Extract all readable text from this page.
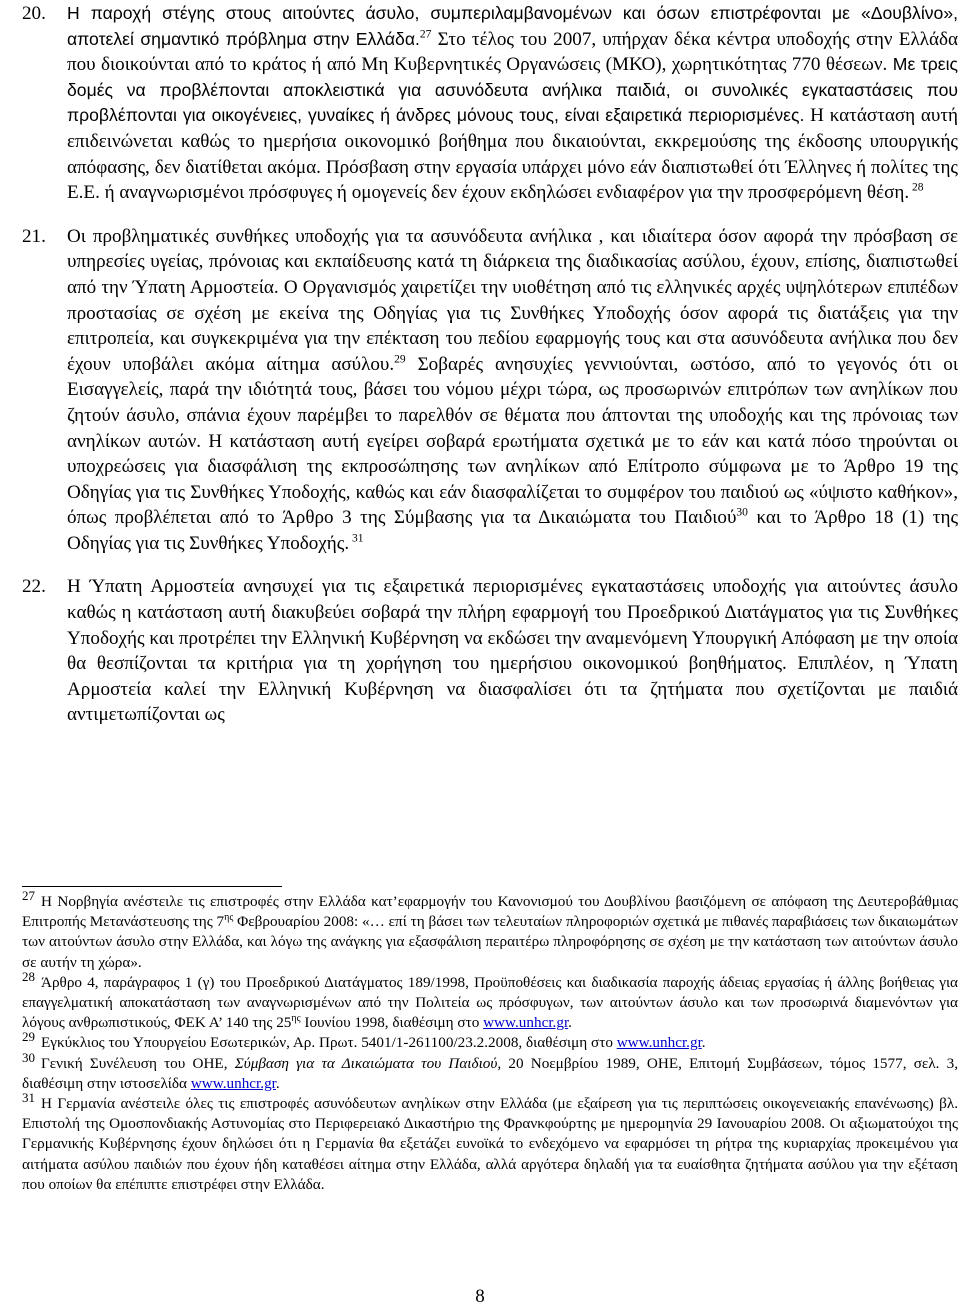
20. Η παροχή στέγης στους αιτούντες άσυλο, συμπεριλαμβανομένων και όσων επιστρέφονται με «Δουβλίνο», αποτελεί σημαντικό πρόβλημα στην Ελλάδα.$^{27}$ Στο τέλος του 2007, υπήρχαν δέκα κέντρα υποδοχής στην Ελλάδα που διοικούνται από το κράτος ή από Μη Κυβερνητικές Οργανώσεις (ΜΚΟ), χωρητικότητας 770 θέσεων. Με τρεις δομές να προβλέπονται αποκλειστικά για ασυνόδευτα ανήλικα παιδιά, οι συνολικές εγκαταστάσεις που προβλέπονται για οικογένειες, γυναίκες ή άνδρες μόνους τους, είναι εξαιρετικά περιορισμένες. Η κατάσταση αυτή επιδεινώνεται καθώς το ημερήσια οικονομικό βοήθημα που δικαιούνται, εκκρεμούσης της έκδοσης υπουργικής απόφασης, δεν διατίθεται ακόμα. Πρόσβαση στην εργασία υπάρχει μόνο εάν διαπιστωθεί ότι Έλληνες ή πολίτες της Ε.Ε. ή αναγνωρισμένοι πρόσφυγες ή ομογενείς δεν έχουν εκδηλώσει ενδιαφέρον για την προσφερόμενη θέση. $^{28}$

21. Οι προβληματικές συνθήκες υποδοχής για τα ασυνόδευτα ανήλικα , και ιδιαίτερα όσον αφορά την πρόσβαση σε υπηρεσίες υγείας, πρόνοιας και εκπαίδευσης κατά τη διάρκεια της διαδικασίας ασύλου, έχουν, επίσης, διαπιστωθεί από την Ύπατη Αρμοστεία. Ο Οργανισμός χαιρετίζει την υιοθέτηση από τις ελληνικές αρχές υψηλότερων επιπέδων προστασίας σε σχέση με εκείνα της Οδηγίας για τις Συνθήκες Υποδοχής όσον αφορά τις διατάξεις για την επιτροπεία, και συγκεκριμένα για την επέκταση του πεδίου εφαρμογής τους και στα ασυνόδευτα ανήλικα που δεν έχουν υποβάλει ακόμα αίτημα ασύλου.$^{29}$ Σοβαρές ανησυχίες γεννιούνται, ωστόσο, από το γεγονός ότι οι Εισαγγελείς, παρά την ιδιότητά τους, βάσει του νόμου μέχρι τώρα, ως προσωρινών επιτρόπων των ανηλίκων που ζητούν άσυλο, σπάνια έχουν παρέμβει το παρελθόν σε θέματα που άπτονται της υποδοχής και της πρόνοιας των ανηλίκων αυτών. Η κατάσταση αυτή εγείρει σοβαρά ερωτήματα σχετικά με το εάν και κατά πόσο τηρούνται οι υποχρεώσεις για διασφάλιση της εκπροσώπησης των ανηλίκων από Επίτροπο σύμφωνα με το Άρθρο 19 της Οδηγίας για τις Συνθήκες Υποδοχής, καθώς και εάν διασφαλίζεται το συμφέρον του παιδιού ως «ύψιστο καθήκον», όπως προβλέπεται από το Άρθρο 3 της Σύμβασης για τα Δικαιώματα του Παιδιού$^{30}$ και το Άρθρο 18 (1) της Οδηγίας για τις Συνθήκες Υποδοχής. $^{31}$

22. Η Ύπατη Αρμοστεία ανησυχεί για τις εξαιρετικά περιορισμένες εγκαταστάσεις υποδοχής για αιτούντες άσυλο καθώς η κατάσταση αυτή διακυβεύει σοβαρά την πλήρη εφαρμογή του Προεδρικού Διατάγματος για τις Συνθήκες Υποδοχής και προτρέπει την Ελληνική Κυβέρνηση να εκδώσει την αναμενόμενη Υπουργική Απόφαση με την οποία θα θεσπίζονται τα κριτήρια για τη χορήγηση του ημερήσιου οικονομικού βοηθήματος. Επιπλέον, η Ύπατη Αρμοστεία καλεί την Ελληνική Κυβέρνηση να διασφαλίσει ότι τα ζητήματα που σχετίζονται με παιδιά αντιμετωπίζονται ως

27 Η Νορβηγία ανέστειλε τις επιστροφές στην Ελλάδα κατ’εφαρμογήν του Κανονισμού του Δουβλίνου βασιζόμενη σε απόφαση της Δευτεροβάθμιας Επιτροπής Μετανάστευσης της $7^{\eta\varsigma}$ Φεβρουαρίου 2008: «… επί τη βάσει των τελευταίων πληροφοριών σχετικά με πιθανές παραβιάσεις των δικαιωμάτων των αιτούντων άσυλο στην Ελλάδα, και λόγω της ανάγκης για εξασφάλιση περαιτέρω πληροφόρησης σε σχέση με την κατάσταση των αιτούντων άσυλο σε αυτήν τη χώρα».

28 Άρθρο 4, παράγραφος 1 (γ) του Προεδρικού Διατάγματος 189/1998, Προϋποθέσεις και διαδικασία παροχής άδειας εργασίας ή άλλης βοήθειας για επαγγελματική αποκατάσταση των αναγνωρισμένων από την Πολιτεία ως πρόσφυγων, των αιτούντων άσυλο και των προσωρινά διαμενόντων για λόγους ανθρωπιστικούς, ΦΕΚ Α’ 140 της $25^{\eta\varsigma}$ Ιουνίου 1998, διαθέσιμη στο www.unhcr.gr.

29 Εγκύκλιος του Υπουργείου Εσωτερικών, Αρ. Πρωτ. 5401/1-261100/23.2.2008, διαθέσιμη στο www.unhcr.gr.

30 Γενική Συνέλευση του ΟΗΕ, Σύμβαση για τα Δικαιώματα του Παιδιού, 20 Νοεμβρίου 1989, ΟΗΕ, Επιτομή Συμβάσεων, τόμος 1577, σελ. 3, διαθέσιμη στην ιστοσελίδα www.unhcr.gr.

31 Η Γερμανία ανέστειλε όλες τις επιστροφές ασυνόδευτων ανηλίκων στην Ελλάδα (με εξαίρεση για τις περιπτώσεις οικογενειακής επανένωσης) βλ. Επιστολή της Ομοσπονδιακής Αστυνομίας στο Περιφερειακό Δικαστήριο της Φρανκφούρτης με ημερομηνία 29 Ιανουαρίου 2008. Οι αξιωματούχοι της Γερμανικής Κυβέρνησης έχουν δηλώσει ότι η Γερμανία θα εξετάζει ευνοϊκά το ενδεχόμενο να εφαρμόσει τη ρήτρα της κυριαρχίας προκειμένου για αιτήματα ασύλου παιδιών που έχουν ήδη καταθέσει αίτημα στην Ελλάδα, αλλά αργότερα δηλαδή για τα ευαίσθητα ζητήματα ασύλου για την εξέταση που οποίων θα επέπιπτε επιστρέφει στην Ελλάδα.

8
